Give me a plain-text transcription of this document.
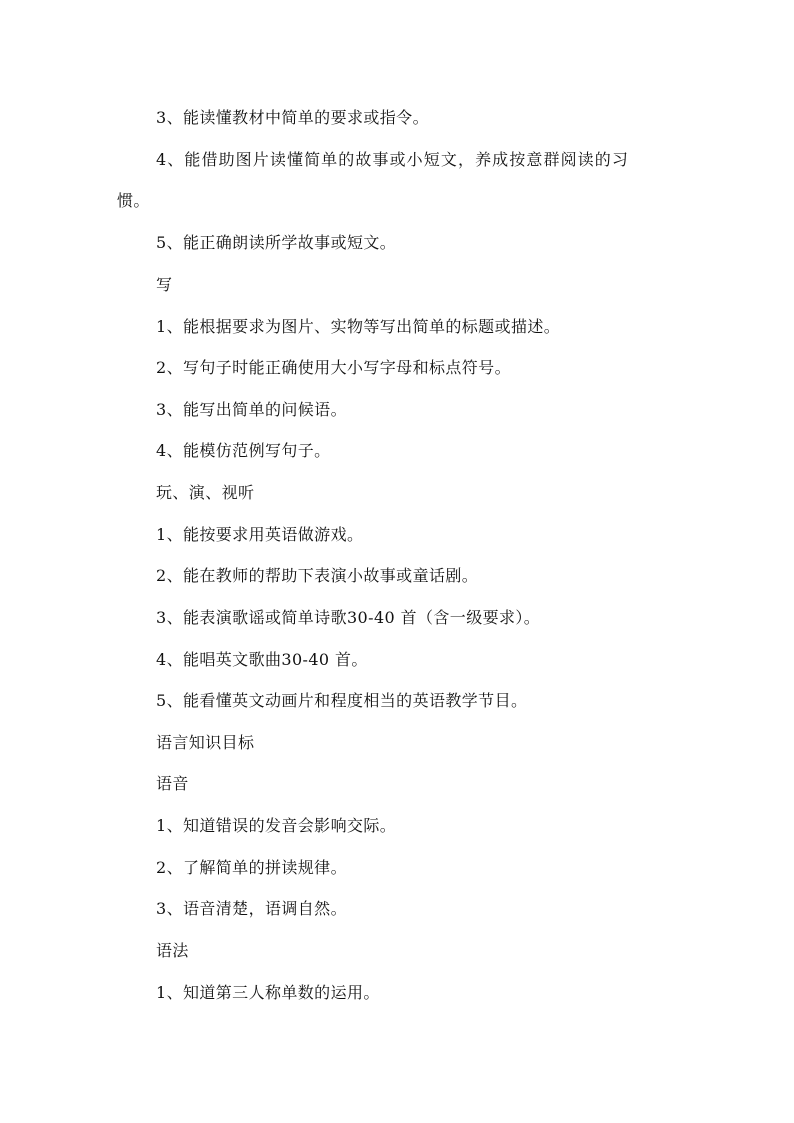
3、能读懂教材中简单的要求或指令。
4、能借助图片读懂简单的故事或小短文，养成按意群阅读的习
惯。
5、能正确朗读所学故事或短文。
写
1、能根据要求为图片、实物等写出简单的标题或描述。
2、写句子时能正确使用大小写字母和标点符号。
3、能写出简单的问候语。
4、能模仿范例写句子。
玩、演、视听
1、能按要求用英语做游戏。
2、能在教师的帮助下表演小故事或童话剧。
3、能表演歌谣或简单诗歌30-40 首（含一级要求）。
4、能唱英文歌曲30-40 首。
5、能看懂英文动画片和程度相当的英语教学节目。
语言知识目标
语音
1、知道错误的发音会影响交际。
2、了解简单的拼读规律。
3、语音清楚，语调自然。
语法
1、知道第三人称单数的运用。
